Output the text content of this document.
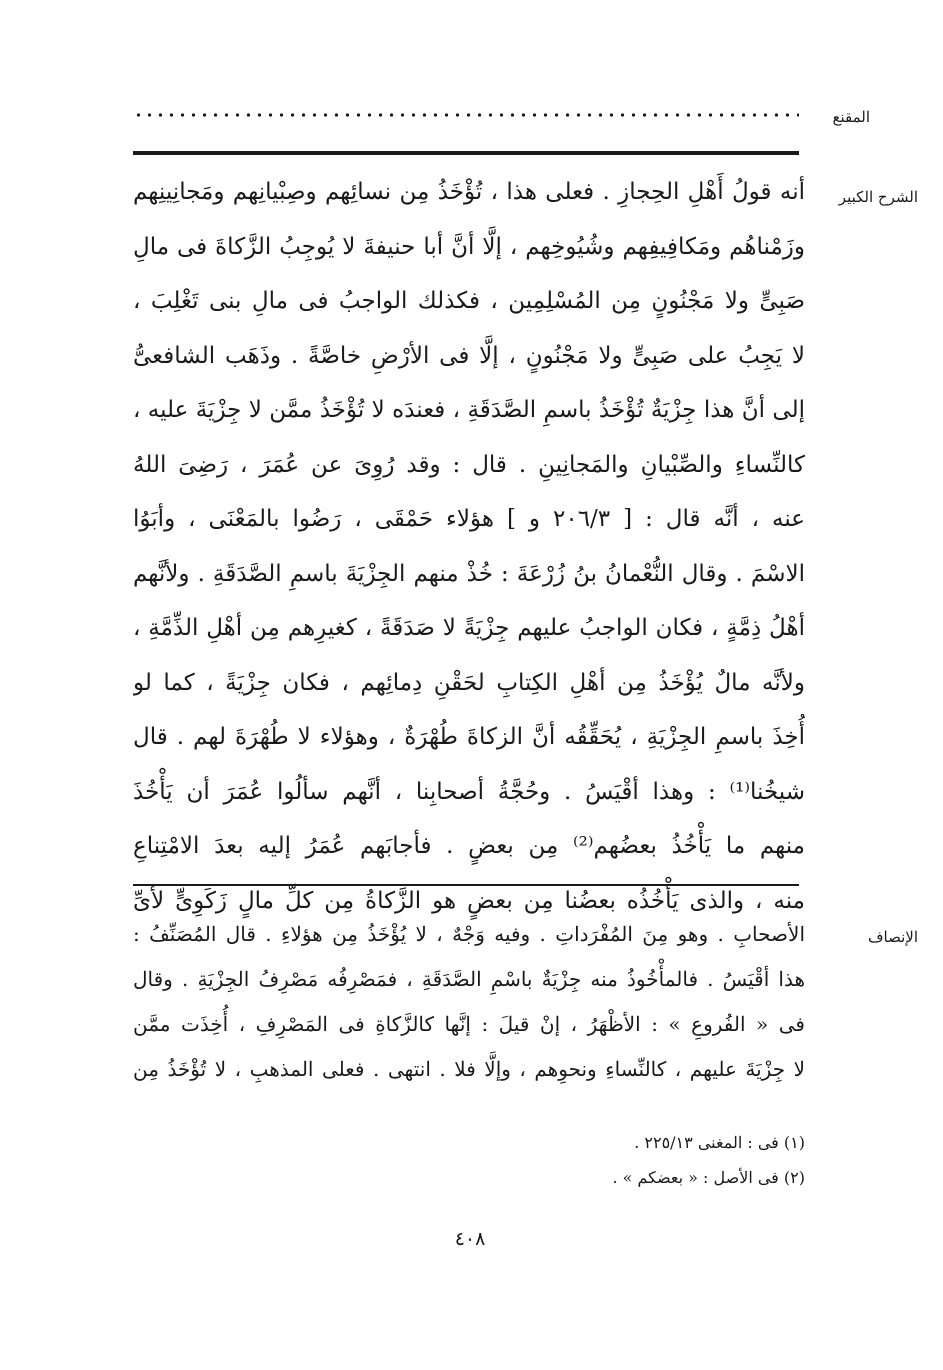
المقنع
الشرح الكبير
أنه قولُ أَهْلِ الحِجازِ . فعلى هذا ، تُؤْخَذُ مِن نسائِهم وصِبْيانِهم ومَجانِينِهم
وزَمْناهُم ومَكافِيفِهم وشُيُوخِهم ، إلَّا أنَّ أبا حنيفةَ لا يُوجِبُ الزَّكاةَ فى مالِ
صَبِىٍّ ولا مَجْنُونٍ مِن المُسْلِمِين ، فكذلك الواجبُ فى مالِ بنى تَغْلِبَ ،
لا يَجِبُ على صَبِىٍّ ولا مَجْنُونٍ ، إلَّا فى الأرْضِ خاصَّةً . وذَهَب الشافعىُّ
إلى أنَّ هذا جِزْيَةٌ تُؤْخَذُ باسمِ الصَّدَقَةِ ، فعندَه لا تُؤْخَذُ ممَّن لا جِزْيَةَ عليه ،
كالنِّساءِ والصِّبْيانِ والمَجانِينِ . قال : وقد رُوِىَ عن عُمَرَ ، رَضِىَ اللهُ
عنه ، أنَّه قال : [ ٢٠٦/٣ و ] هؤلاء حَمْقَى ، رَضُوا بالمَعْنَى ، وأبَوُا
الاسْمَ . وقال النُّعْمانُ بنُ زُرْعَةَ : خُذْ منهم الجِزْيَةَ باسمِ الصَّدَقَةِ . ولأنَّهم
أهْلُ ذِمَّةٍ ، فكان الواجبُ عليهم جِزْيَةً لا صَدَقَةً ، كغيرِهم مِن أهْلِ الذِّمَّةِ ،
ولأنَّه مالٌ يُؤْخَذُ مِن أهْلِ الكِتابِ لحَقْنِ دِمائِهم ، فكان جِزْيَةً ، كما لو
أُخِذَ باسمِ الجِزْيَةِ ، يُحَقِّقُه أنَّ الزكاةَ طُهْرَةٌ ، وهؤلاء لا طُهْرَةَ لهم . قال
شيخُنا⁽¹⁾ : وهذا أقْيَسُ . وحُجَّةُ أصحابِنا ، أنَّهم سألُوا عُمَرَ أن يَأْخُذَ
منهم ما يَأْخُذُ بعضُهم⁽²⁾ مِن بعضٍ . فأجابَهم عُمَرُ إليه بعدَ الامْتِناعِ
منه ، والذى يَأْخُذُه بعضُنا مِن بعضٍ هو الزَّكاةُ مِن كلِّ مالٍ زَكَوِىٍّ لأىِّ
الإنصاف
الأصحابِ . وهو مِنَ المُفْرَداتِ . وفيه وَجْهٌ ، لا يُؤْخَذُ مِن هؤلاءِ . قال المُصَنِّفُ :
هذا أقْيَسُ . فالمأْخُوذُ منه جِزْيَةٌ باسْمِ الصَّدَقَةِ ، فمَصْرِفُه مَصْرِفُ الجِزْيَةِ . وقال
فى « الفُروعِ » : الأظْهَرُ ، إنْ قيلَ : إنَّها كالزَّكاةِ فى المَصْرِفِ ، أُخِذَت ممَّن
لا جِزْيَةَ عليهم ، كالنِّساءِ ونحوِهم ، وإلَّا فلا . انتهى . فعلى المذهبِ ، لا تُؤْخَذُ مِن
(١) فى : المغنى ٢٢٥/١٣ .
(٢) فى الأصل : « بعضكم » .
٤٠٨
